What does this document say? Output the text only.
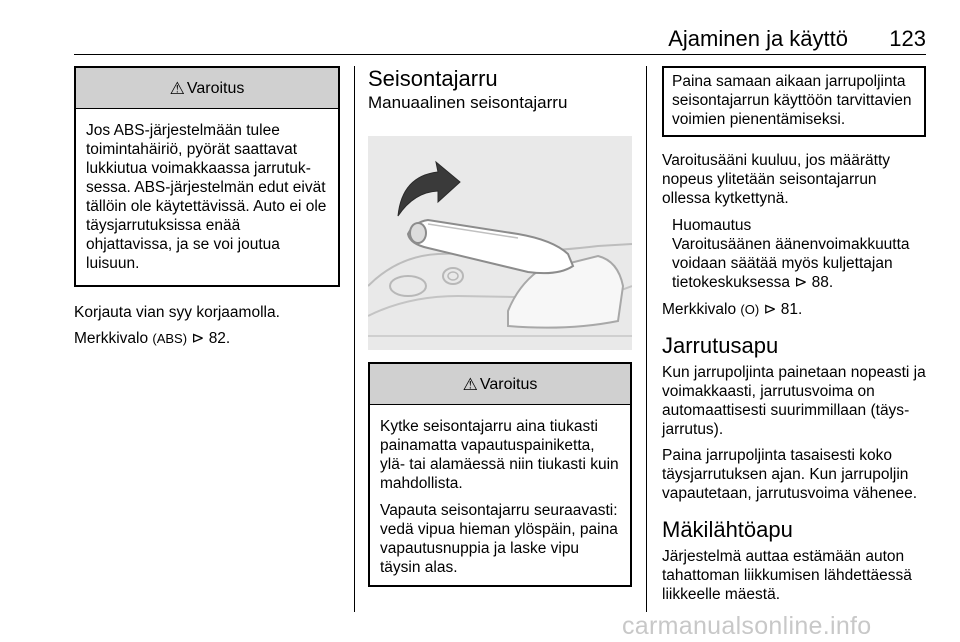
Ajaminen ja käyttö 123
⚠ Varoitus

Jos ABS-järjestelmään tulee toimintahäiriö, pyörät saattavat lukkiutua voimakkaassa jarrutuksessa. ABS-järjestelmän edut eivät tällöin ole käytettävissä. Auto ei ole täysjarrutuksissa enää ohjattavissa, ja se voi joutua luisuun.

Korjauta vian syy korjaamolla.

Merkkivalo (ABS) ⊳ 82.

Seisontajarru

Manuaalinen seisontajarru

⚠ Varoitus

Kytke seisontajarru aina tiukasti painamatta vapautuspainiketta, ylä- tai alamäessä niin tiukasti kuin mahdollista.

Vapauta seisontajarru seuraavasti: vedä vipua hieman ylöspäin, paina vapautusnuppia ja laske vipu täysin alas.

Paina samaan aikaan jarrupoljinta seisontajarrun käyttöön tarvittavien voimien pienentämiseksi.

Varoitusääni kuuluu, jos määrätty nopeus ylitetään seisontajarrun ollessa kytkettynä.

Huomautus

Varoitusäänen äänenvoimakkuutta voidaan säätää myös kuljettajan tietokeskuksessa ⊳ 88.

Merkkivalo (O) ⊳ 81.

Jarrutusapu

Kun jarrupoljinta painetaan nopeasti ja voimakkaasti, jarrutusvoima on automaattisesti suurimmillaan (täysjarrutus).

Paina jarrupoljinta tasaisesti koko täysjarrutuksen ajan. Kun jarrupoljin vapautetaan, jarrutusvoima vähenee.

Mäkilähtöapu

Järjestelmä auttaa estämään auton tahattoman liikkumisen lähdettäessä liikkeelle mäestä.

carmanualsonline.info
